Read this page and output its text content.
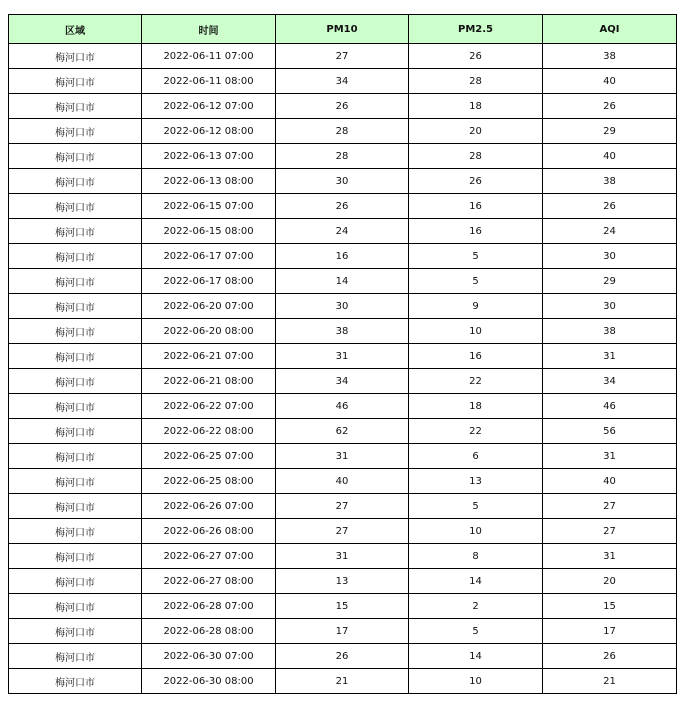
区域	时间	PM10	PM2.5	AQI
梅河口市	2022-06-11 07:00	27	26	38
梅河口市	2022-06-11 08:00	34	28	40
梅河口市	2022-06-12 07:00	26	18	26
梅河口市	2022-06-12 08:00	28	20	29
梅河口市	2022-06-13 07:00	28	28	40
梅河口市	2022-06-13 08:00	30	26	38
梅河口市	2022-06-15 07:00	26	16	26
梅河口市	2022-06-15 08:00	24	16	24
梅河口市	2022-06-17 07:00	16	5	30
梅河口市	2022-06-17 08:00	14	5	29
梅河口市	2022-06-20 07:00	30	9	30
梅河口市	2022-06-20 08:00	38	10	38
梅河口市	2022-06-21 07:00	31	16	31
梅河口市	2022-06-21 08:00	34	22	34
梅河口市	2022-06-22 07:00	46	18	46
梅河口市	2022-06-22 08:00	62	22	56
梅河口市	2022-06-25 07:00	31	6	31
梅河口市	2022-06-25 08:00	40	13	40
梅河口市	2022-06-26 07:00	27	5	27
梅河口市	2022-06-26 08:00	27	10	27
梅河口市	2022-06-27 07:00	31	8	31
梅河口市	2022-06-27 08:00	13	14	20
梅河口市	2022-06-28 07:00	15	2	15
梅河口市	2022-06-28 08:00	17	5	17
梅河口市	2022-06-30 07:00	26	14	26
梅河口市	2022-06-30 08:00	21	10	21
